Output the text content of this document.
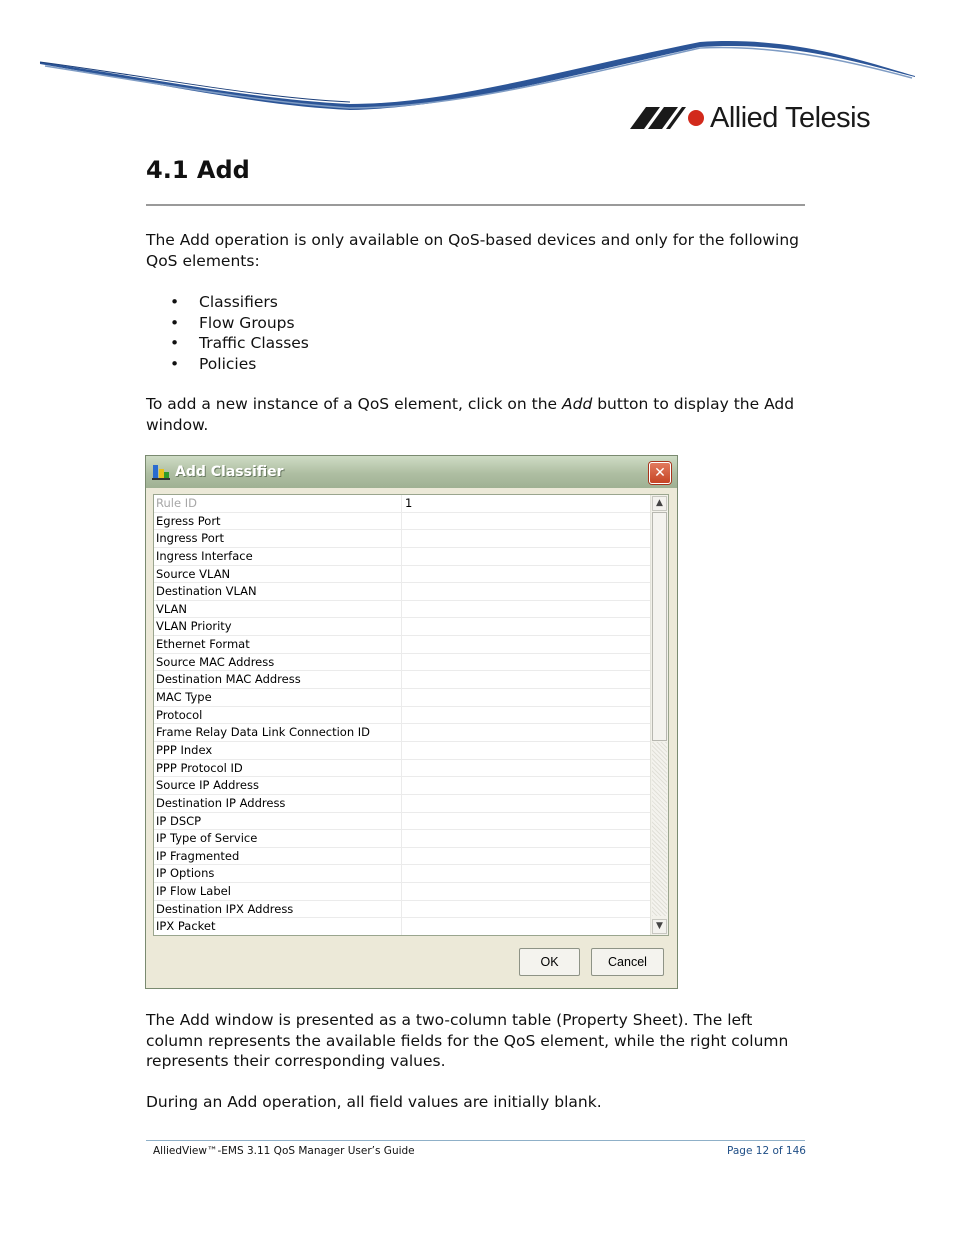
Allied Telesis
4.1 Add

The Add operation is only available on QoS-based devices and only for the following QoS elements:

•	Classifiers
•	Flow Groups
•	Traffic Classes
•	Policies

To add a new instance of a QoS element, click on the Add button to display the Add window.

Add Classifier	✕
Rule ID	1
Egress Port
Ingress Port
Ingress Interface
Source VLAN
Destination VLAN
VLAN
VLAN Priority
Ethernet Format
Source MAC Address
Destination MAC Address
MAC Type
Protocol
Frame Relay Data Link Connection ID
PPP Index
PPP Protocol ID
Source IP Address
Destination IP Address
IP DSCP
IP Type of Service
IP Fragmented
IP Options
IP Flow Label
Destination IPX Address
IPX Packet
▲
▼
OK	Cancel

The Add window is presented as a two-column table (Property Sheet). The left column represents the available fields for the QoS element, while the right column represents their corresponding values.

During an Add operation, all field values are initially blank.

AlliedView™-EMS 3.11 QoS Manager User’s Guide	Page 12 of 146
